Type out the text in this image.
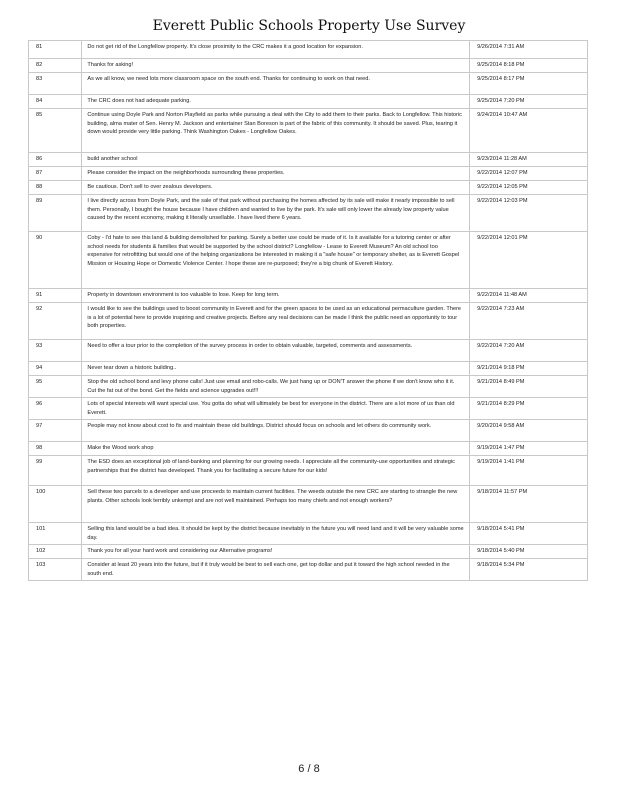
Everett Public Schools Property Use Survey
81	Do not get rid of the Longfellow property. It's close proximity to the CRC makes it a good location for expansion.	9/26/2014 7:31 AM
82	Thanks for asking!	9/25/2014 8:18 PM
83	As we all know, we need lots more classroom space on the south end. Thanks for continuing to work on that need.	9/25/2014 8:17 PM
84	The CRC does not had adequate parking.	9/25/2014 7:20 PM
85	Continue using Doyle Park and Norton Playfield as parks while pursuing a deal with the City to add them to their parks. Back to Longfellow. This historic building, alma mater of Sen. Henry M. Jackson and entertainer Stan Boreson is part of the fabric of this community. It should be saved. Plus, tearing it down would provide very little parking. Think Washington Oakes - Longfellow Oakes.	9/24/2014 10:47 AM
86	build another school	9/23/2014 11:28 AM
87	Please consider the impact on the neighborhoods surrounding these properties.	9/22/2014 12:07 PM
88	Be cautious. Don't sell to over zealous developers.	9/22/2014 12:05 PM
89	I live directly across from Doyle Park, and the sale of that park without purchasing the homes affected by its sale will make it nearly impossible to sell them. Personally, I bought the house because I have children and wanted to live by the park. It's sale will only lower the already low property value caused by the recent economy, making it literally unsellable. I have lived there 6 years.	9/22/2014 12:03 PM
90	Coby - I'd hate to see this land & building demolished for parking. Surely a better use could be made of it. Is it available for a tutoring center or after school needs for students & families that would be supported by the school district? Longfellow - Lease to Everett Museum? An old school too expensive for retrofitting but would one of the helping organizations be interested in making it a "safe house" or temporary shelter, as is Everett Gospel Mission or Housing Hope or Domestic Violence Center. I hope these are re-purposed; they're a big chunk of Everett History.	9/22/2014 12:01 PM
91	Property in downtown environment is too valuable to lose. Keep for long term.	9/22/2014 11:48 AM
92	I would like to see the buildings used to boost community in Everett and for the green spaces to be used as an educational permaculture garden. There is a lot of potential here to provide inspiring and creative projects. Before any real decisions can be made I think the public need an opportunity to tour both properties.	9/22/2014 7:23 AM
93	Need to offer a tour prior to the completion of the survey process in order to obtain valuable, targeted, comments and assessments.	9/22/2014 7:20 AM
94	Never tear down a historic building..	9/21/2014 9:18 PM
95	Stop the old school bond and levy phone calls! Just use email and robo-calls. We just hang up or DON'T answer the phone if we don't know who it it. Cut the fat out of the bond. Get the fields and science upgrades out!!!	9/21/2014 8:49 PM
96	Lots of special interests will want special use. You gotta do what will ultimately be best for everyone in the district. There are a lot more of us than old Everett.	9/21/2014 8:29 PM
97	People may not know about cost to fix and maintain these old buildings. District should focus on schools and let others do community work.	9/20/2014 9:58 AM
98	Make the Wood work shop	9/19/2014 1:47 PM
99	The ESD does an exceptional job of land-banking and planning for our growing needs. I appreciate all the community-use opportunities and strategic partnerships that the district has developed. Thank you for facilitating a secure future for our kids!	9/19/2014 1:41 PM
100	Sell these two parcels to a developer and use proceeds to maintain current facilities. The weeds outside the new CRC are starting to strangle the new plants. Other schools look terribly unkempt and are not well maintained. Perhaps too many chiefs and not enough workers?	9/18/2014 11:57 PM
101	Selling this land would be a bad idea. It should be kept by the district because inevitably in the future you will need land and it will be very valuable some day.	9/18/2014 5:41 PM
102	Thank you for all your hard work and considering our Alternative programs!	9/18/2014 5:40 PM
103	Consider at least 20 years into the future, but if it truly would be best to sell each one, get top dollar and put it toward the high school needed in the south end.	9/18/2014 5:34 PM
6 / 8
